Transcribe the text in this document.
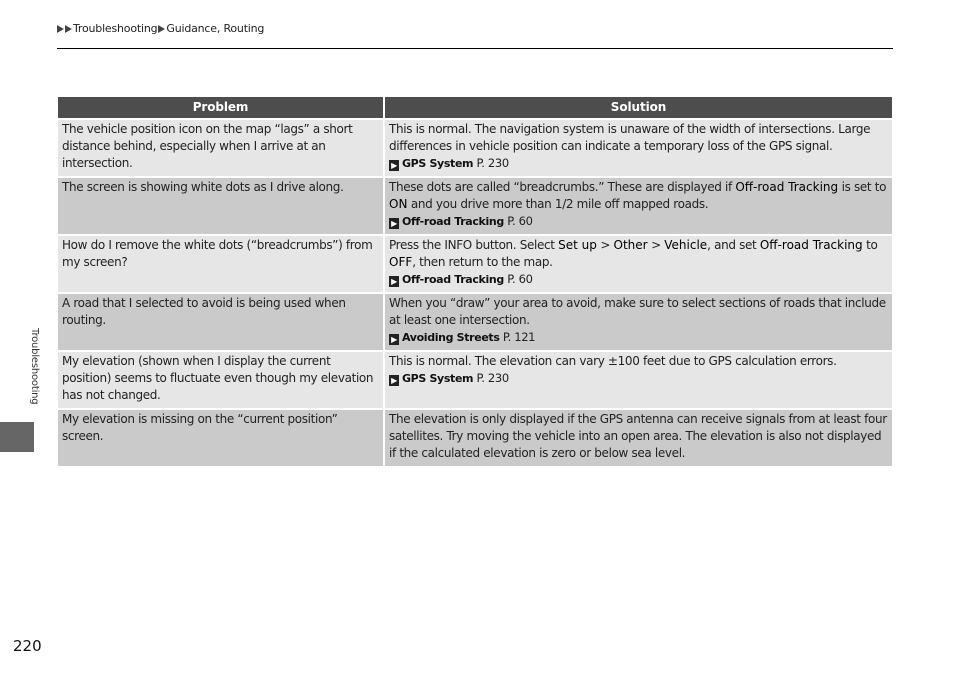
Troubleshooting Guidance, Routing
Problem	Solution
The vehicle position icon on the map “lags” a short distance behind, especially when I arrive at an intersection.	This is normal. The navigation system is unaware of the width of intersections. Large differences in vehicle position can indicate a temporary loss of the GPS signal.
▶ GPS System P. 230

The screen is showing white dots as I drive along.	These dots are called “breadcrumbs.” These are displayed if Off-road Tracking is set to ON and you drive more than 1/2 mile off mapped roads.
▶ Off-road Tracking P. 60

How do I remove the white dots (“breadcrumbs”) from my screen?	Press the INFO button. Select Set up > Other > Vehicle, and set Off-road Tracking to OFF, then return to the map.
▶ Off-road Tracking P. 60

A road that I selected to avoid is being used when routing.	When you “draw” your area to avoid, make sure to select sections of roads that include at least one intersection.
▶ Avoiding Streets P. 121

My elevation (shown when I display the current position) seems to fluctuate even though my elevation has not changed.	This is normal. The elevation can vary ±100 feet due to GPS calculation errors.
▶ GPS System P. 230

My elevation is missing on the “current position” screen.	The elevation is only displayed if the GPS antenna can receive signals from at least four satellites. Try moving the vehicle into an open area. The elevation is also not displayed if the calculated elevation is zero or below sea level.
Troubleshooting
220
